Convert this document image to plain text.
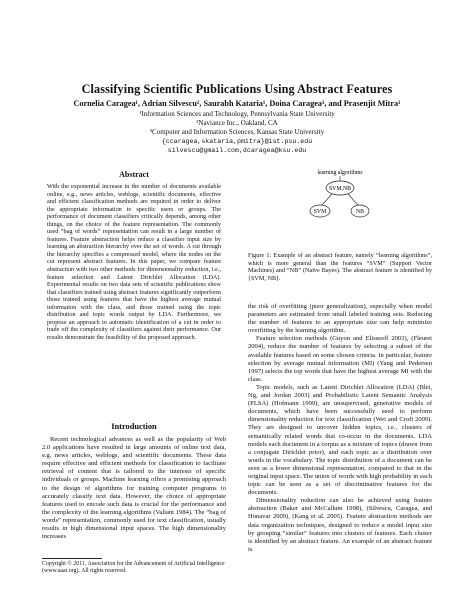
Classifying Scientific Publications Using Abstract Features
Cornelia Caragea¹, Adrian Silvescu², Saurabh Kataria¹, Doina Caragea³, and Prasenjit Mitra¹
¹Information Sciences and Technology, Pennsylvania State University
²Naviance Inc., Oakland, CA
³Computer and Information Sciences, Kansas State University
{ccaragea,skataria,pmitra}@ist.psu.edu
silvescu@gmail.com,dcaragea@ksu.edu
Abstract

With the exponential increase in the number of documents available online, e.g., news articles, weblogs, scientific documents, effective and efficient classification methods are required in order to deliver the appropriate information to specific users or groups. The performance of document classifiers critically depends, among other things, on the choice of the feature representation. The commonly used “bag of words” representation can result in a large number of features. Feature abstraction helps reduce a classifier input size by learning an abstraction hierarchy over the set of words. A cut through the hierarchy specifies a compressed model, where the nodes on the cut represent abstract features. In this paper, we compare feature abstraction with two other methods for dimensionality reduction, i.e., feature selection and Latent Dirichlet Allocation (LDA). Experimental results on two data sets of scientific publications show that classifiers trained using abstract features significantly outperform those trained using features that have the highest average mutual information with the class, and those trained using the topic distribution and topic words output by LDA. Furthermore, we propose an approach to automatic identification of a cut in order to trade off the complexity of classifiers against their performance. Our results demonstrate the feasibility of the proposed approach.

Introduction

Recent technological advances as well as the popularity of Web 2.0 applications have resulted in large amounts of online text data, e.g. news articles, weblogs, and scientific documents. These data require effective and efficient methods for classification to facilitate retrieval of content that is tailored to the interests of specific individuals or groups. Machine learning offers a promising approach to the design of algorithms for training computer programs to accurately classify text data. However, the choice of appropriate features used to encode such data is crucial for the performance and the complexity of the learning algorithms (Valiant 1984). The “bag of words” representation, commonly used for text classification, usually results in high dimensional input spaces. The high dimensionality increases

Copyright © 2011, Association for the Advancement of Artificial Intelligence (www.aaai.org). All rights reserved.
learning algorithms
SVM,NB
SVM	NB
Figure 1: Example of an abstract feature, namely “learning algorithms”, which is more general than the features “SVM” (Support Vector Machines) and “NB” (Naïve Bayes). The abstract feature is identified by {SVM, NB}.

the risk of overfitting (poor generalization), especially when model parameters are estimated from small labeled training sets. Reducing the number of features to an appropriate size can help minimize overfitting by the learning algorithm.

Feature selection methods (Guyon and Elisseeff 2003), (Fleuret 2004), reduce the number of features by selecting a subset of the available features based on some chosen criteria. In particular, feature selection by average mutual information (MI) (Yang and Pedersen 1997) selects the top words that have the highest average MI with the class.

Topic models, such as Latent Dirichlet Allocation (LDA) (Blei, Ng, and Jordan 2003) and Probabilistic Latent Semantic Analysis (PLSA) (Hofmann 1999), are unsupervised, generative models of documents, which have been successfully used to perform dimensionality reduction for text classification (Wei and Croft 2009). They are designed to uncover hidden topics, i.e., clusters of semantically related words that co-occur in the documents. LDA models each document in a corpus as a mixture of topics (drawn from a conjugate Dirichlet prior), and each topic as a distribution over words in the vocabulary. The topic distribution of a document can be seen as a lower dimensional representation, compared to that in the original input space. The union of words with high probability in each topic can be seen as a set of discriminative features for the documents.

Dimensionality reduction can also be achieved using feature abstraction (Baker and McCallum 1998), (Silvescu, Caragea, and Honavar 2009), (Kang et al. 2005). Feature abstraction methods are data organization techniques, designed to reduce a model input size by grouping “similar” features into clusters of features. Each cluster is identified by an abstract feature. An example of an abstract feature is
